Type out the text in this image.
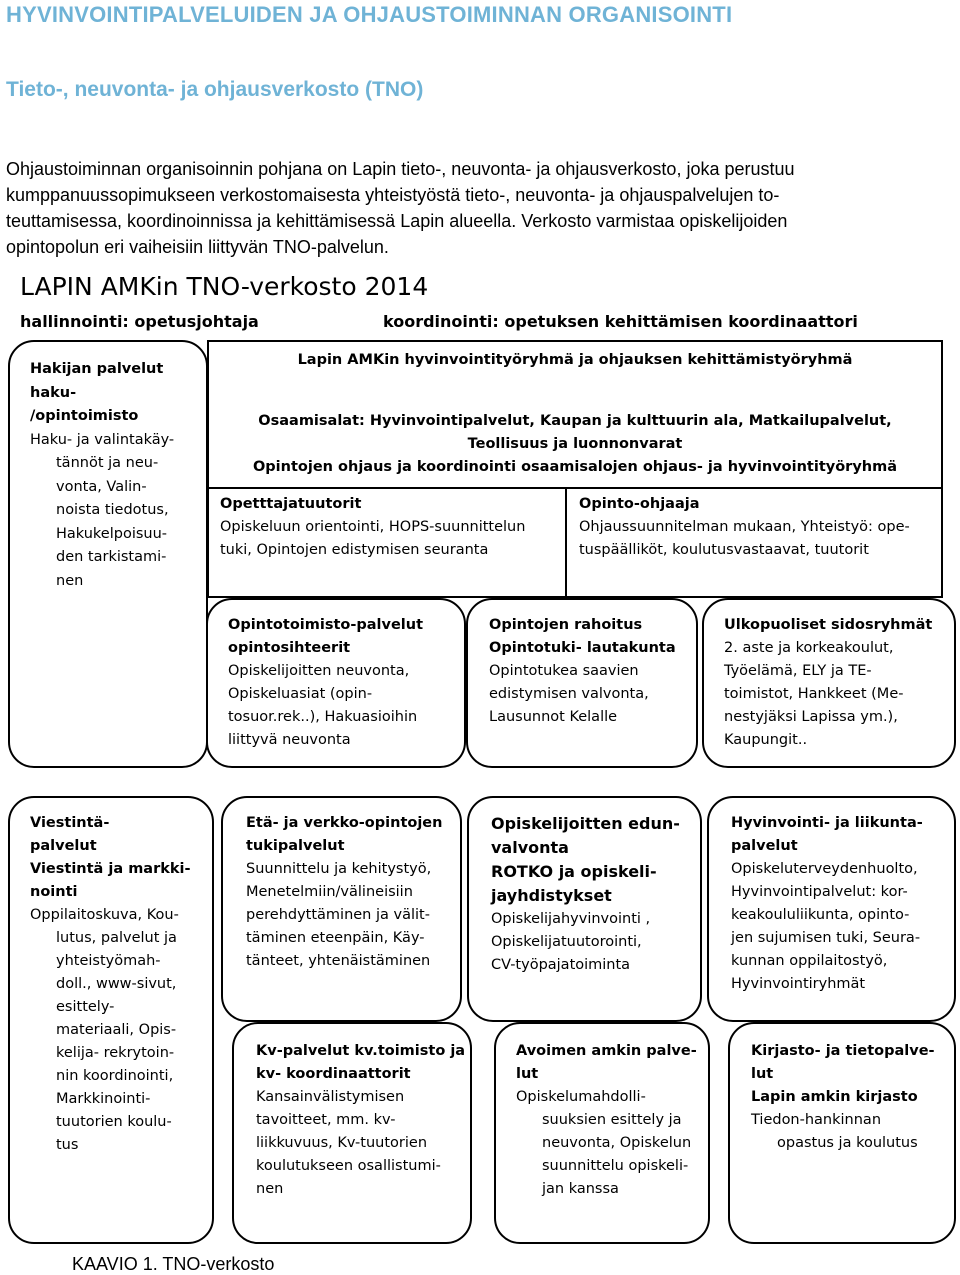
HYVINVOINTIPALVELUIDEN JA OHJAUSTOIMINNAN ORGANISOINTI
Tieto-, neuvonta- ja ohjausverkosto (TNO)
Ohjaustoiminnan organisoinnin pohjana on Lapin tieto-, neuvonta- ja ohjausverkosto, joka perustuu
kumppanuussopimukseen verkostomaisesta yhteistyöstä tieto-, neuvonta- ja ohjauspalvelujen to-
teuttamisessa, koordinoinnissa ja kehittämisessä Lapin alueella. Verkosto varmistaa opiskelijoiden
opintopolun eri vaiheisiin liittyvän TNO-palvelun.
LAPIN AMKin TNO-verkosto 2014
hallinnointi: opetusjohtaja	koordinointi: opetuksen kehittämisen koordinaattori
Hakijan palvelut
haku-
/opintoimisto
Haku- ja valintakäy-
tännöt ja neu-
vonta, Valin-
noista tiedotus,
Hakukelpoisuu-
den tarkistami-
nen
Lapin AMKin hyvinvointityöryhmä ja ohjauksen kehittämistyöryhmä
Osaamisalat: Hyvinvointipalvelut, Kaupan ja kulttuurin ala, Matkailupalvelut,
Teollisuus ja luonnonvarat
Opintojen ohjaus ja koordinointi osaamisalojen ohjaus- ja hyvinvointityöryhmä
Opetttajatuutorit
Opiskeluun orientointi, HOPS-suunnittelun
tuki, Opintojen edistymisen seuranta
Opinto-ohjaaja
Ohjaussuunnitelman mukaan, Yhteistyö: ope-
tuspäälliköt, koulutusvastaavat, tuutorit
Opintotoimisto-palvelut
opintosihteerit
Opiskelijoitten neuvonta,
Opiskeluasiat (opin-
tosuor.rek..), Hakuasioihin
liittyvä neuvonta
Opintojen rahoitus
Opintotuki- lautakunta
Opintotukea saavien
edistymisen valvonta,
Lausunnot Kelalle
Ulkopuoliset sidosryhmät
2. aste ja korkeakoulut,
Työelämä, ELY ja TE-
toimistot, Hankkeet (Me-
nestyjäksi Lapissa ym.),
Kaupungit..
Viestintä-
palvelut
Viestintä ja markki-
nointi
Oppilaitoskuva, Kou-
lutus, palvelut ja
yhteistyömah-
doll., www-sivut,
esittely-
materiaali, Opis-
kelija- rekrytoin-
nin koordinointi,
Markkinointi-
tuutorien koulu-
tus
Etä- ja verkko-opintojen
tukipalvelut
Suunnittelu ja kehitystyö,
Menetelmiin/välineisiin
perehdyttäminen ja välit-
täminen eteenpäin, Käy-
tänteet, yhtenäistäminen
Opiskelijoitten edun-
valvonta
ROTKO ja opiskeli-
jayhdistykset
Opiskelijahyvinvointi ,
Opiskelijatuutorointi,
CV-työpajatoiminta
Hyvinvointi- ja liikunta-
palvelut
Opiskeluterveydenhuolto,
Hyvinvointipalvelut: kor-
keakoululiikunta, opinto-
jen sujumisen tuki, Seura-
kunnan oppilaitostyö,
Hyvinvointiryhmät
Kv-palvelut kv.toimisto ja
kv- koordinaattorit
Kansainvälistymisen
tavoitteet, mm. kv-
liikkuvuus, Kv-tuutorien
koulutukseen osallistumi-
nen
Avoimen amkin palve-
lut
Opiskelumahdolli-
suuksien esittely ja
neuvonta, Opiskelun
suunnittelu opiskeli-
jan kanssa
Kirjasto- ja tietopalve-
lut
Lapin amkin kirjasto
Tiedon-hankinnan
opastus ja koulutus
KAAVIO 1. TNO-verkosto
